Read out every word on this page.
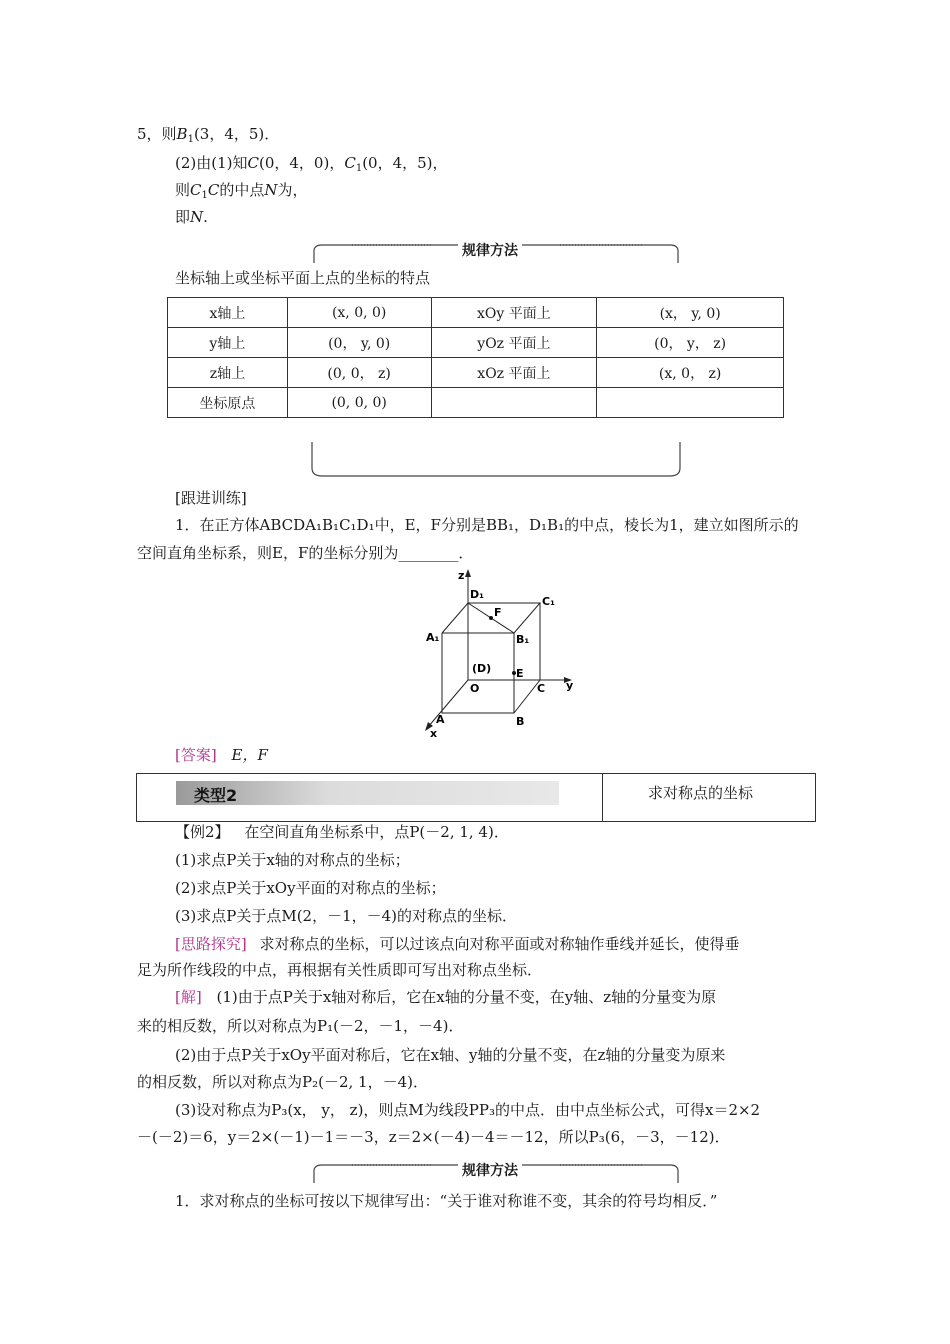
5，则$B_1(3$，4，5)．
(2)由(1)知C(0，4，0)，$C_1(0$，4，5)，
则$C_1C$的中点N为，
即N.
规律方法
坐标轴上或坐标平面上点的坐标的特点
x轴上	(x, 0, 0)	xOy 平面上	(x， y, 0)
y轴上	(0， y, 0)	yOz 平面上	(0， y， z)
z轴上	(0, 0， z)	xOz 平面上	(x, 0， z)
坐标原点	(0, 0, 0)		
[跟进训练]
1．在正方体ABCDA₁B₁C₁D₁中，E，F分别是BB₁，D₁B₁的中点，棱长为1，建立如图所示的
空间直角坐标系，则E，F的坐标分别为________．
z
y
x
D₁
C₁
A₁	B₁
F
E
(D)
O	C
A	B
[答案] E，F
类型2	求对称点的坐标
【例2】 在空间直角坐标系中，点P(－2, 1, 4)．
(1)求点P关于x轴的对称点的坐标；
(2)求点P关于xOy平面的对称点的坐标；
(3)求点P关于点M(2，－1，－4)的对称点的坐标．
[思路探究] 求对称点的坐标，可以过该点向对称平面或对称轴作垂线并延长，使得垂
足为所作线段的中点，再根据有关性质即可写出对称点坐标．
[解] (1)由于点P关于x轴对称后，它在x轴的分量不变，在y轴、z轴的分量变为原
来的相反数，所以对称点为P₁(－2，－1，－4)．
(2)由于点P关于xOy平面对称后，它在x轴、y轴的分量不变，在z轴的分量变为原来
的相反数，所以对称点为P₂(－2, 1，－4)．
(3)设对称点为P₃(x， y， z)，则点M为线段PP₃的中点．由中点坐标公式，可得x＝2×2
－(－2)＝6，y＝2×(－1)－1＝－3，z＝2×(－4)－4＝－12，所以P₃(6，－3，－12)．
规律方法
1．求对称点的坐标可按以下规律写出：“关于谁对称谁不变，其余的符号均相反．”
